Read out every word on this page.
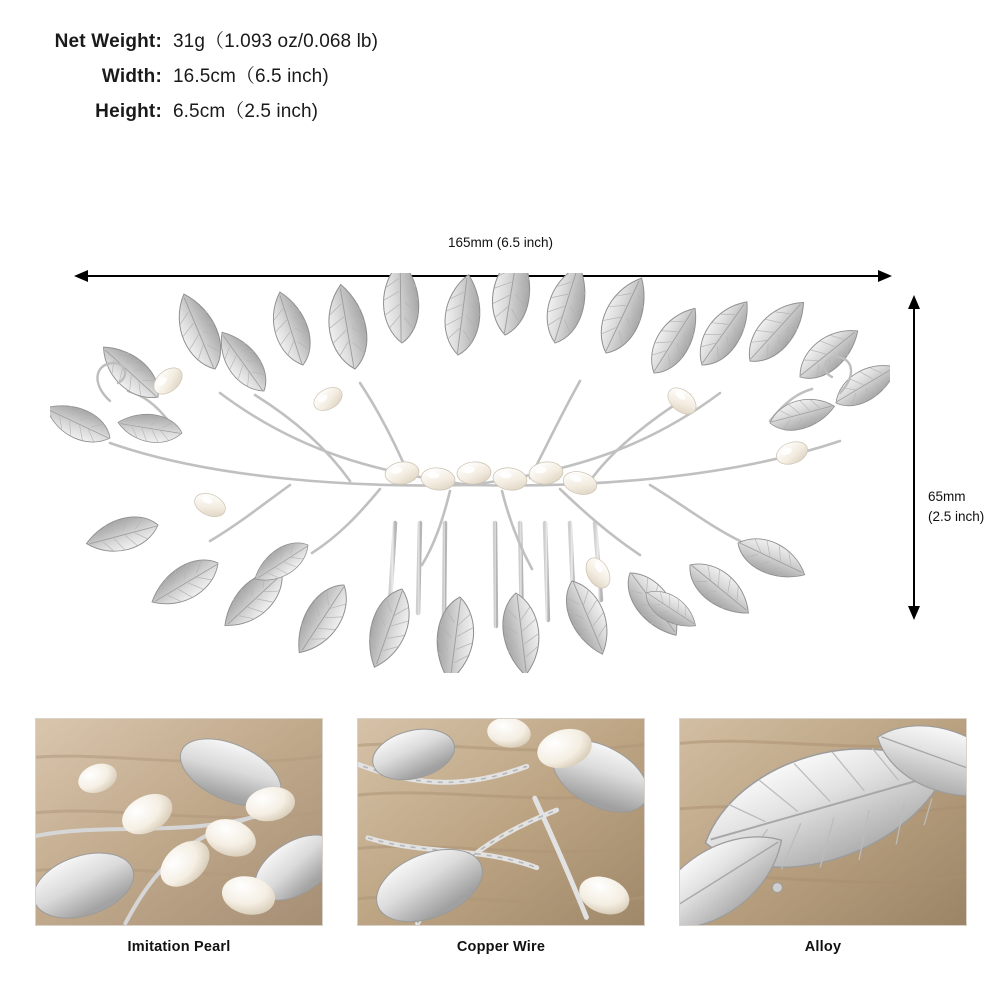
Net Weight: 31g（1.093 oz/0.068 lb)
Width: 16.5cm（6.5 inch)
Height: 6.5cm（2.5 inch)
165mm (6.5 inch)
65mm
(2.5 inch)
Imitation Pearl	Copper Wire	Alloy
